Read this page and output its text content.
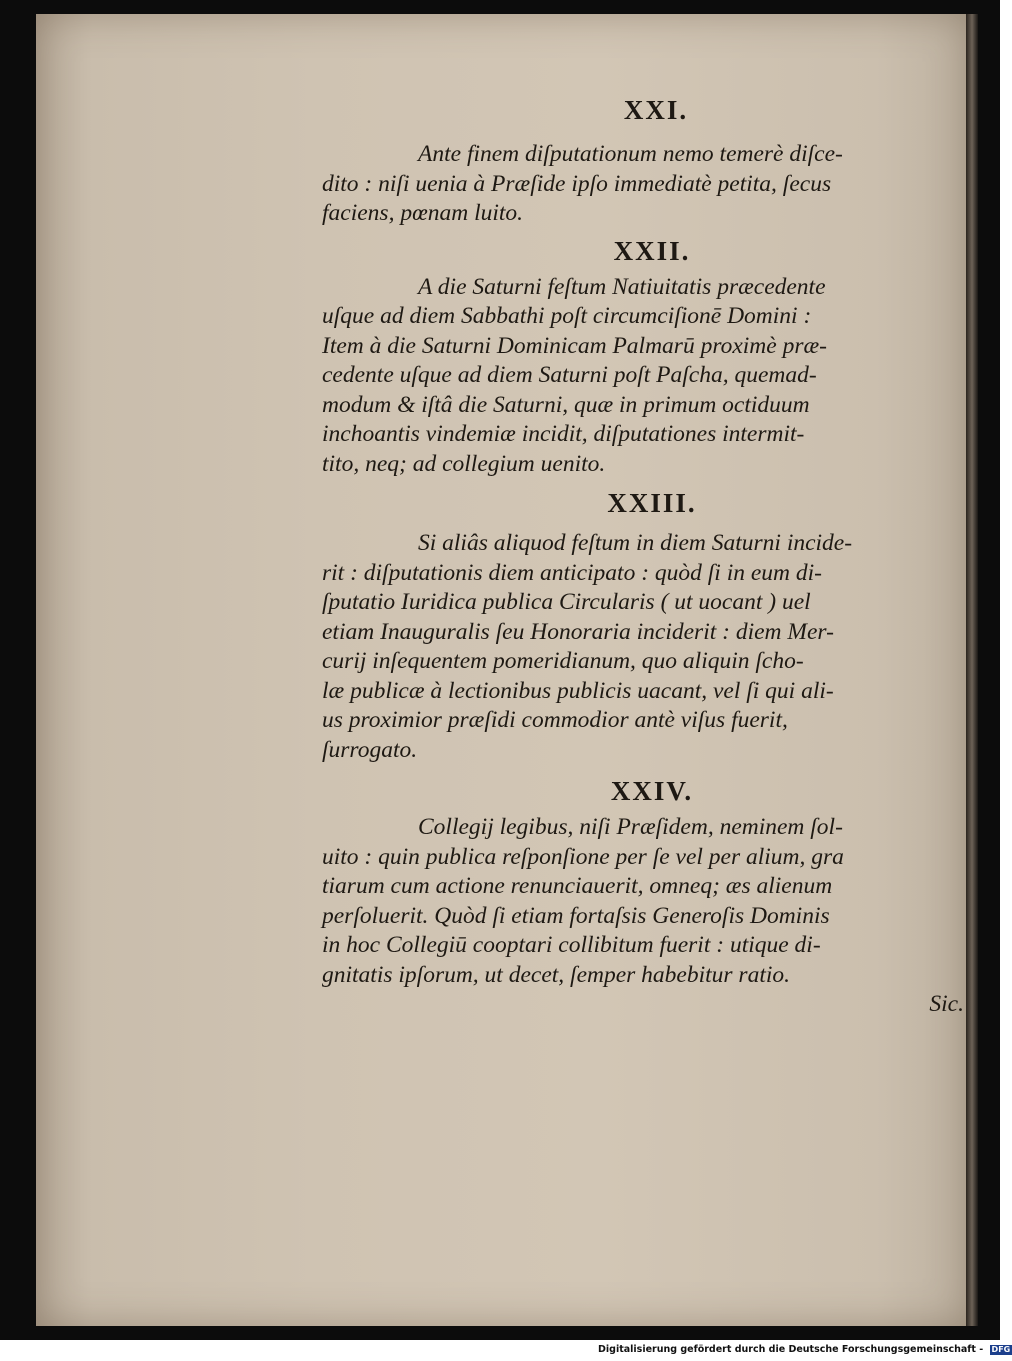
XXI.

Ante finem diſputationum nemo temerè diſce-
dito : niſi uenia à Præſide ipſo immediatè petita, ſecus
faciens, pœnam luito.

XXII.

A die Saturni feſtum Natiuitatis præcedente
uſque ad diem Sabbathi poſt circumciſionē Domini :
Item à die Saturni Dominicam Palmarū proximè præ-
cedente uſque ad diem Saturni poſt Paſcha, quemad-
modum & iſtâ die Saturni, quæ in primum octiduum
inchoantis vindemiæ incidit, diſputationes intermit-
tito, neq; ad collegium uenito.

XXIII.

Si aliâs aliquod feſtum in diem Saturni incide-
rit : diſputationis diem anticipato : quòd ſi in eum di-
ſputatio Iuridica publica Circularis ( ut uocant ) uel
etiam Inauguralis ſeu Honoraria inciderit : diem Mer-
curij inſequentem pomeridianum, quo aliquin ſcho-
læ publicæ à lectionibus publicis uacant, vel ſi qui ali-
us proximior præſidi commodior antè viſus fuerit,
ſurrogato.

XXIV.

Collegij legibus, niſi Præſidem, neminem ſol-
uito : quin publica reſponſione per ſe vel per alium, gra
tiarum cum actione renunciauerit, omneq; æs alienum
perſoluerit. Quòd ſi etiam fortaſsis Generoſis Dominis
in hoc Collegiū cooptari collibitum fuerit : utique di-
gnitatis ipſorum, ut decet, ſemper habebitur ratio.
Sic.

Digitalisierung gefördert durch die Deutsche Forschungsgemeinschaft - DFG
